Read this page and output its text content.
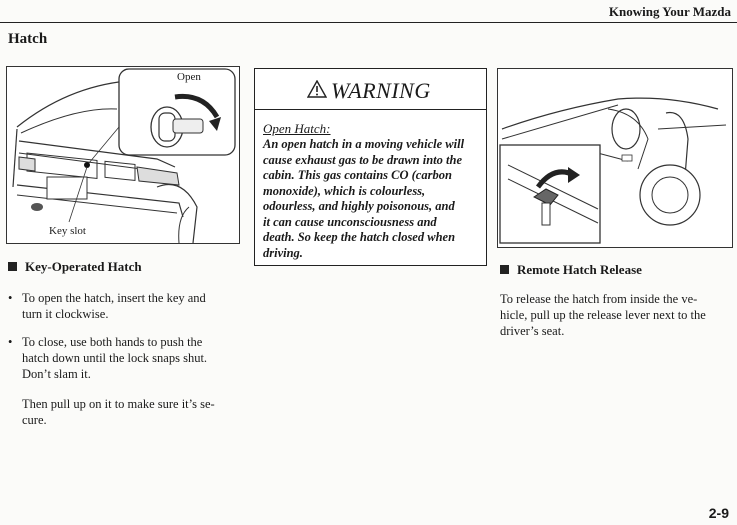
Knowing Your Mazda
Hatch
Open
Key slot
WARNING
Open Hatch:
An open hatch in a moving vehicle will
cause exhaust gas to be drawn into the
cabin. This gas contains CO (carbon
monoxide), which is colourless,
odourless, and highly poisonous, and
it can cause unconsciousness and
death. So keep the hatch closed when
driving.
Key-Operated Hatch
• To open the hatch, insert the key and
turn it clockwise.
• To close, use both hands to push the
hatch down until the lock snaps shut.
Don’t slam it.
Then pull up on it to make sure it’s se-
cure.
Remote Hatch Release
To release the hatch from inside the ve-
hicle, pull up the release lever next to the
driver’s seat.
2-9
